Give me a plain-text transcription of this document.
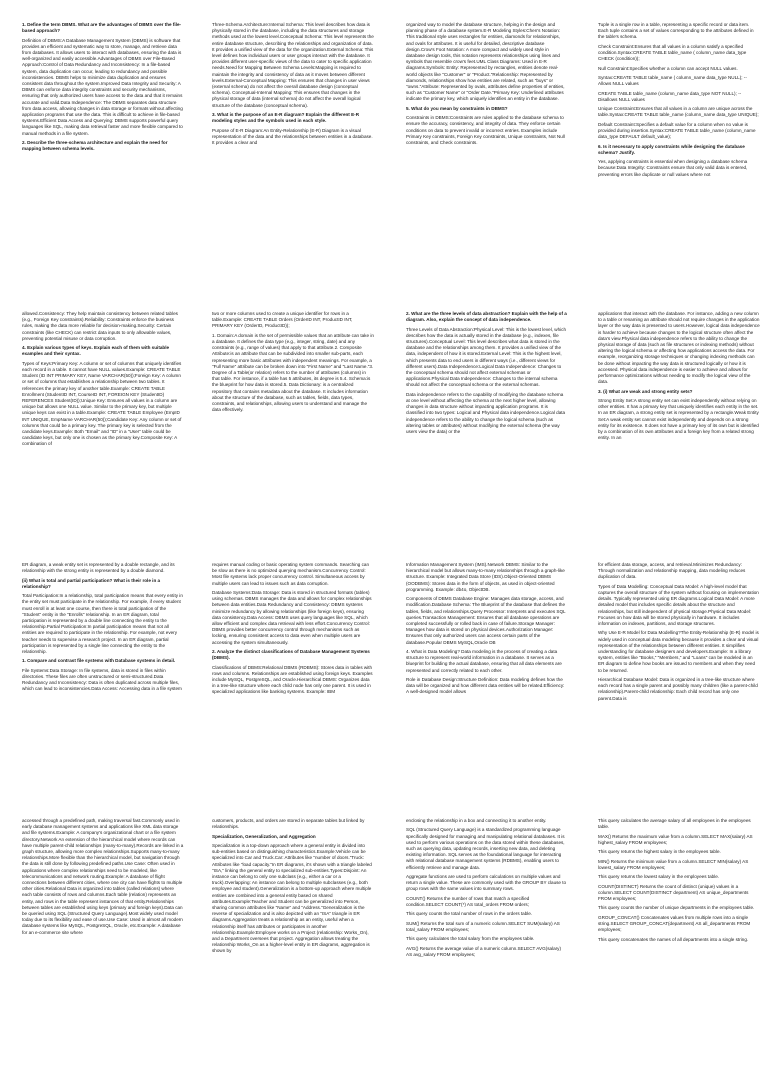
1. Define the term DBMS. What are the advantages of DBMS over the file-based approach?

Definition of DBMS:A Database Management System (DBMS) is software that provides an efficient and systematic way to store, manage, and retrieve data from databases. It allows users to interact with databases, ensuring the data is well-organized and easily accessible.Advantages of DBMS over File-Based Approach:Control of Data Redundancy and Inconsistency: In a file-based system, data duplication can occur, leading to redundancy and possible inconsistencies. DBMS helps to minimize data duplication and ensures consistent data throughout the system.Improved Data Integrity and Security: A DBMS can enforce data integrity constraints and security mechanisms, ensuring that only authorized users have access to the data and that it remains accurate and valid.Data Independence: The DBMS separates data structure from data access, allowing changes in data storage or formats without affecting application programs that use the data. This is difficult to achieve in file-based systems.Efficient Data Access and Querying: DBMS supports powerful query languages like SQL, making data retrieval faster and more flexible compared to manual methods in a file system.

2. Describe the three-schema architecture and explain the need for mapping between schema levels.

Three-Schema Architecture:Internal Schema: This level describes how data is physically stored in the database, including the data structures and storage methods used at the lowest level.Conceptual Schema: This level represents the entire database structure, describing the relationships and organization of data. It provides a unified view of the data for the organization.External Schema: This level defines how individual users or user groups interact with the database. It provides different user-specific views of the data to cater to specific application needs.Need for Mapping Between Schema Levels:Mapping is required to maintain the integrity and consistency of data as it moves between different levels.External-Conceptual Mapping: This ensures that changes in user views (external schema) do not affect the overall database design (conceptual schema). Conceptual-Internal Mapping: This ensures that changes in the physical storage of data (internal schema) do not affect the overall logical structure of the database (conceptual schema).

3. What is the purpose of an E-R diagram? Explain the different E-R modeling styles and the symbols used in each style.

Purpose of E-R Diagram:An Entity-Relationship (E-R) Diagram is a visual representation of the data and the relationships between entities in a database. It provides a clear and

organized way to model the database structure, helping in the design and planning phase of a database system.E-R Modeling Styles:Chen's Notation: This traditional style uses rectangles for entities, diamonds for relationships, and ovals for attributes. It is useful for detailed, descriptive database design.Crow's Foot Notation: A more compact and widely used style in database design tools, this notation represents relationships using lines and symbols that resemble crow's feet.UML Class Diagrams: Used in E-R diagrams.Symbols: Entity: Represented by rectangles, entities denote real-world objects like "Customer" or "Product."Relationship: Represented by diamonds, relationships show how entities are related, such as "buys" or "owns."Attribute: Represented by ovals, attributes define properties of entities, such as "Customer Name" or "Order Date."Primary Key: Underlined attributes indicate the primary key, which uniquely identifies an entity in the database.

5. What do you mean by constraints in DBMS?

Constraints in DBMS:Constraints are rules applied to the database schema to ensure the accuracy, consistency, and integrity of data. They enforce certain conditions on data to prevent invalid or incorrect entries. Examples include Primary Key constraints, Foreign Key constraints, Unique constraints, Not Null constraints, and Check constraints.

Tuple is a single row in a table, representing a specific record or data item. Each tuple contains a set of values corresponding to the attributes defined in the table's schema.

Check Constraint:Ensures that all values in a column satisfy a specified condition.Syntax:CREATE TABLE table_name ( column_name data_type CHECK (condition));

Null Constraint:Specifies whether a column can accept NULL values.

Syntax:CREATE TABLE table_name ( column_name data_type NULL); -- Allows NULL values

CREATE TABLE table_name (column_name data_type NOT NULL); -- Disallows NULL values

Unique Constraint:Ensures that all values in a column are unique across the table.Syntax:CREATE TABLE table_name (column_name data_type UNIQUE);

Default Constraint:Specifies a default value for a column when no value is provided during insertion.Syntax:CREATE TABLE table_name (column_name data_type DEFAULT default_value);

6. Is it necessary to apply constraints while designing the database schema? Justify.

Yes, applying constraints is essential when designing a database schema because:Data Integrity: Constraints ensure that only valid data is entered, preventing errors like duplicate or null values where not

allowed.Consistency: They help maintain consistency between related tables (e.g., Foreign Key constraints).Reliability: Constraints enforce the business rules, making the data more reliable for decision-making.Security: Certain constraints (like CHECK) can restrict data inputs to only allowable values, preventing potential misuse or data corruption.

4. Explain various types of keys. Explain each of them with suitable examples and their syntax.

Types of Keys:Primary Key: A column or set of columns that uniquely identifies each record in a table. It cannot have NULL values.Example: CREATE TABLE Student (ID INT PRIMARY KEY, Name VARCHAR(50));Foreign Key: A column or set of columns that establishes a relationship between two tables. It references the primary key of another table.Example: CREATE TABLE Enrollment (StudentID INT, CourseID INT, FOREIGN KEY (StudentID) REFERENCES Student(ID));Unique Key: Ensures all values in a column are unique but allows one NULL value. Similar to the primary key, but multiple unique keys can exist in a table.Example: CREATE TABLE Employee (EmpID INT UNIQUE, EmpName VARCHAR(50));Candidate Key: Any column or set of columns that could be a primary key. The primary key is selected from the candidate keys.Example: Both "Email" and "ID" in a "User" table could be candidate keys, but only one is chosen as the primary key.Composite Key: A combination of

two or more columns used to create a unique identifier for rows in a table.Example: CREATE TABLE Orders (OrderID INT, ProductID INT, PRIMARY KEY (OrderID, ProductID));

1. Domain:A domain is the set of permissible values that an attribute can take in a database. It defines the data type (e.g., integer, string, date) and any constraints (e.g., range of values) that apply to that attribute.2. Composite Attribute:is an attribute that can be subdivided into smaller sub-parts, each representing more basic attributes with independent meanings. For example, a "Full Name" attribute can be broken down into "First Name" and "Last Name."3. Degree of a Table(or relation) refers to the number of attributes (columns) in that table. For instance, if a table has 5 attributes, its degree is 5.4. Schema:is the blueprint for how data is stored.5. Data Dictionary: is a centralized repository that contains metadata about the database. It includes information about the structure of the database, such as tables, fields, data types, constraints, and relationships, allowing users to understand and manage the data effectively.

2. What are the three levels of data abstraction? Explain with the help of a diagram. Also, explain the concept of data independence.

Three Levels of Data Abstraction:Physical Level: This is the lowest level, which describes how the data is actually stored in the database (e.g., indexes, file structures).Conceptual Level: This level describes what data is stored in the database and the relationships among them. It provides a unified view of the data, independent of how it is stored.External Level: This is the highest level, which presents data to end users in different ways (i.e., different views for different users).Data Independence:Logical Data Independence: Changes to the conceptual schema should not affect external schemas or applications.Physical Data Independence: Changes to the internal schema should not affect the conceptual schema or the external schemas.

Data independence refers to the capability of modifying the database schema at one level without affecting the schema at the next higher level, allowing changes in data structure without impacting application programs. It is classified into two types: Logical and Physical data independence.Logical data independence refers to the ability to change the logical schema (such as altering tables or attributes) without modifying the external schema (the way users view the data) or the

applications that interact with the database. For instance, adding a new column to a table or renaming an attribute should not require changes in the application layer or the way data is presented to users.However, logical data independence is harder to achieve because changes to the logical structure often affect the data's view.Physical data independence refers to the ability to change the physical storage of data (such as file structures or indexing methods) without altering the logical schema or affecting how applications access the data. For example, reorganizing storage techniques or changing indexing methods can be done without impacting the way data is structured logically or how it is accessed. Physical data independence is easier to achieve and allows for performance optimizations without needing to modify the logical view of the data.

3. (i) What are weak and strong entity sets?

Strong Entity Set:A strong entity set can exist independently without relying on other entities. It has a primary key that uniquely identifies each entity in the set. In an ER diagram, a strong entity set is represented by a rectangle.Weak Entity Set:A weak entity set cannot exist independently and depends on a strong entity for its existence. It does not have a primary key of its own but is identified by a combination of its own attributes and a foreign key from a related strong entity. In an

ER diagram, a weak entity set is represented by a double rectangle, and its relationship with the strong entity is represented by a double diamond.

(ii) What is total and partial participation? What is their role in a relationship?

Total Participation:In a relationship, total participation means that every entity in the entity set must participate in the relationship. For example, if every student must enroll in at least one course, then there is total participation of the "Student" entity in the "Enrolls" relationship. In an ER diagram, total participation is represented by a double line connecting the entity to the relationship.Partial Participation:In partial participation means that not all entities are required to participate in the relationship. For example, not every teacher needs to supervise a research project. In an ER diagram, partial participation is represented by a single line connecting the entity to the relationship.

1. Compare and contrast file systems with Database systems in detail.

File Systems:Data Storage: In file systems, data is stored in files within directories. These files are often unstructured or semi-structured.Data Redundancy and Inconsistency: Data is often duplicated across multiple files, which can lead to inconsistencies.Data Access: Accessing data in a file system

requires manual coding or basic operating system commands. Searching can be slow as there is no optimized querying mechanism.Concurrency Control: Most file systems lack proper concurrency control. Simultaneous access by multiple users can lead to issues such as data corruption.

Database Systems:Data Storage: Data is stored in structured formats (tables) using schemas. DBMS manages the data and allows for complex relationships between data entities.Data Redundancy and Consistency: DBMS systems minimize redundancy by allowing relationships (like foreign keys), ensuring data consistency.Data Access: DBMS uses query languages like SQL, which allow efficient and complex data retrieval with less effort.Concurrency Control: DBMS provides better concurrency control through mechanisms such as locking, ensuring consistent access to data even when multiple users are accessing the system simultaneously.

2. Analyze the distinct classifications of Database Management Systems (DBMS).

Classifications of DBMS:Relational DBMS (RDBMS): Stores data in tables with rows and columns. Relationships are established using foreign keys. Examples include MySQL, PostgreSQL, and Oracle.Hierarchical DBMS: Organizes data in a tree-like structure where each child node has only one parent. It is used in specialized applications like banking systems. Example: IBM

Information Management System (IMS).Network DBMS: Similar to the hierarchical model but allows many-to-many relationships through a graph-like structure. Example: Integrated Data Store (IDS).Object-Oriented DBMS (OODBMS): Stores data in the form of objects, as used in object-oriented programming. Example: db4o, ObjectDB.

Components of DBMS Database Engine: Manages data storage, access, and modification.Database Schema: The Blueprint of the database that defines the tables, fields, and relationships.Query Processor: Interprets and executes SQL queries.Transaction Management: Ensures that all database operations are completed successfully or rolled back in case of failure.Storage Manager: Manages how data is stored on physical devices.Authorization Manager: Ensures that only authorized users can access certain parts of the database.Popular DBMS MySQL,Oracle DB

4. What is Data Modeling? Data modeling is the process of creating a data structure to represent real-world information in a database. It serves as a blueprint for building the actual database, ensuring that all data elements are represented and correctly related to each other.

Role in Database Design:Structure Definition: Data modeling defines how the data will be organized and how different data entities will be related.Efficiency: A well-designed model allows

for efficient data storage, access, and retrieval.Minimizes Redundancy: Through normalization and relationship mapping, data modeling reduces duplication of data.

Types of Data Modelling: Conceptual Data Model: A high-level model that captures the overall structure of the system without focusing on implementation details. Typically represented using ER diagrams.Logical Data Model: A more detailed model that includes specific details about the structure and relationships, but still independent of physical storage.Physical Data Model: Focuses on how data will be stored physically in hardware. It includes information on indexes, partitions, and storage structures.

Why Use E-R Model for Data Modelling?The Entity-Relationship (E-R) model is widely used in conceptual data modeling because it provides a clear and visual representation of the relationships between different entities. It simplifies understanding for database designers and developers.Example: In a library system, entities like "Books," "Members," and "Loans" can be modeled in an ER diagram to define how books are issued to members and when they need to be returned.

Hierarchical Database Model: Data is organized in a tree-like structure where each record has a single parent and possibly many children (like a parent-child relationship).Parent-child relationship: Each child record has only one parent.Data is

accessed through a predefined path, making traversal fast.Commonly used in early database management systems and applications like XML data storage and file systems.Example: A company's organizational chart or a file system directory.Network An extension of the hierarchical model where records can have multiple parent-child relationships (many-to-many).Records are linked in a graph structure, allowing more complex relationships.Supports many-to-many relationships.More flexible than the hierarchical model, but navigation through the data is still done by following predefined paths.Use Case: Often used in applications where complex relationships need to be modeled, like telecommunications and network routing.Example: A database of flight connections between different cities, where one city can have flights to multiple other cities.Relational Data is organized into tables (called relations) where each table consists of rows and columns.Each table (relation) represents an entity, and rows in the table represent instances of that entity.Relationships between tables are established using keys (primary and foreign keys).Data can be queried using SQL (Structured Query Language).Most widely used model today due to its flexibility and ease of use.Use Case: Used in almost all modern database systems like MySQL, PostgreSQL, Oracle, etc.Example: A database for an e-commerce site where

customers, products, and orders are stored in separate tables but linked by relationships.

Specialization, Generalization, and Aggregation

Specialization is a top-down approach where a general entity is divided into sub-entities based on distinguishing characteristics.Example:Vehicle can be specialized into Car and Truck.Car: Attributes like "number of doors."Truck: Attributes like "load capacity."In ER diagrams, it's shown with a triangle labeled "ISA," linking the general entity to specialized sub-entities.Types:Disjoint: An instance can belong to only one subclass (e.g., either a car or a truck).Overlapping: An instance can belong to multiple subclasses (e.g., both employee and student).Generalization is a bottom-up approach where multiple entities are combined into a general entity based on shared attributes.Example:Teacher and Student can be generalized into Person, sharing common attributes like "Name" and "Address."Generalization is the reverse of specialization and is also depicted with an "ISA" triangle in ER diagrams.Aggregation treats a relationship as an entity, useful when a relationship itself has attributes or participates in another relationship.Example:Employee works on a Project (relationship: Works_On), and a Department oversees that project. Aggregation allows treating the relationship Works_On as a higher-level entity in ER diagrams, aggregation is shown by

enclosing the relationship in a box and connecting it to another entity.

SQL (Structured Query Language) is a standardized programming language specifically designed for managing and manipulating relational databases. It is used to perform various operations on the data stored within these databases, such as querying data, updating records, inserting new data, and deleting existing information. SQL serves as the foundational language for interacting with relational database management systems (RDBMS), enabling users to efficiently retrieve and manage data.

Aggregate functions are used to perform calculations on multiple values and return a single value. These are commonly used with the GROUP BY clause to group rows with the same values into summary rows.

COUNT() Returns the number of rows that match a specified condition.SELECT COUNT(*) AS total_orders FROM orders;

This query counts the total number of rows in the orders table.

SUM() Returns the total sum of a numeric column.SELECT SUM(salary) AS total_salary FROM employees;

This query calculates the total salary from the employees table.

AVG() Returns the average value of a numeric column.SELECT AVG(salary) AS avg_salary FROM employees;

This query calculates the average salary of all employees in the employees table.

MAX() Returns the maximum value from a column.SELECT MAX(salary) AS highest_salary FROM employees;

This query returns the highest salary in the employees table.

MIN() Returns the minimum value from a column.SELECT MIN(salary) AS lowest_salary FROM employees;

This query returns the lowest salary in the employees table.

COUNT(DISTINCT) Returns the count of distinct (unique) values in a column.SELECT COUNT(DISTINCT department) AS unique_departments FROM employees;

This query counts the number of unique departments in the employees table.

GROUP_CONCAT() Concatenates values from multiple rows into a single string.SELECT GROUP_CONCAT(department) AS all_departments FROM employees;

This query concatenates the names of all departments into a single string.
